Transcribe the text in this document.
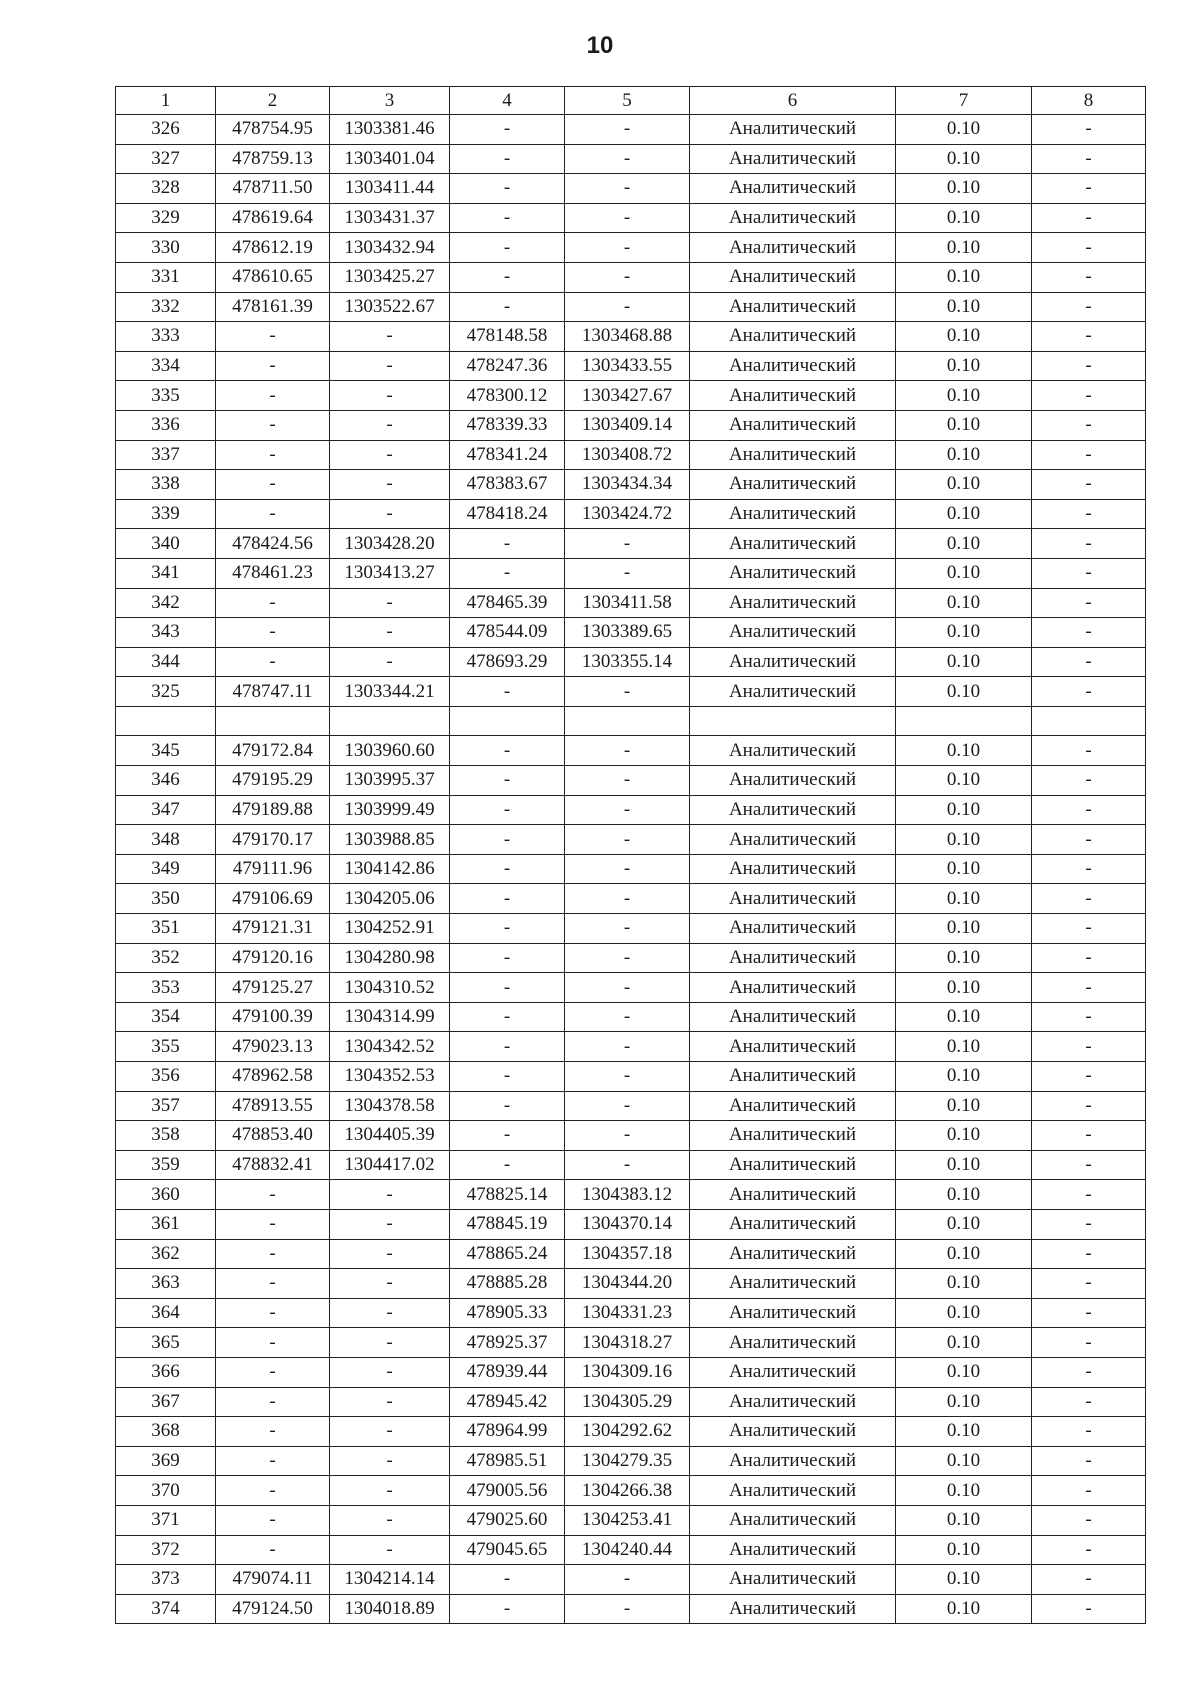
10
1	2	3	4	5	6	7	8
326	478754.95	1303381.46	-	-	Аналитический	0.10	-
327	478759.13	1303401.04	-	-	Аналитический	0.10	-
328	478711.50	1303411.44	-	-	Аналитический	0.10	-
329	478619.64	1303431.37	-	-	Аналитический	0.10	-
330	478612.19	1303432.94	-	-	Аналитический	0.10	-
331	478610.65	1303425.27	-	-	Аналитический	0.10	-
332	478161.39	1303522.67	-	-	Аналитический	0.10	-
333	-	-	478148.58	1303468.88	Аналитический	0.10	-
334	-	-	478247.36	1303433.55	Аналитический	0.10	-
335	-	-	478300.12	1303427.67	Аналитический	0.10	-
336	-	-	478339.33	1303409.14	Аналитический	0.10	-
337	-	-	478341.24	1303408.72	Аналитический	0.10	-
338	-	-	478383.67	1303434.34	Аналитический	0.10	-
339	-	-	478418.24	1303424.72	Аналитический	0.10	-
340	478424.56	1303428.20	-	-	Аналитический	0.10	-
341	478461.23	1303413.27	-	-	Аналитический	0.10	-
342	-	-	478465.39	1303411.58	Аналитический	0.10	-
343	-	-	478544.09	1303389.65	Аналитический	0.10	-
344	-	-	478693.29	1303355.14	Аналитический	0.10	-
325	478747.11	1303344.21	-	-	Аналитический	0.10	-

345	479172.84	1303960.60	-	-	Аналитический	0.10	-
346	479195.29	1303995.37	-	-	Аналитический	0.10	-
347	479189.88	1303999.49	-	-	Аналитический	0.10	-
348	479170.17	1303988.85	-	-	Аналитический	0.10	-
349	479111.96	1304142.86	-	-	Аналитический	0.10	-
350	479106.69	1304205.06	-	-	Аналитический	0.10	-
351	479121.31	1304252.91	-	-	Аналитический	0.10	-
352	479120.16	1304280.98	-	-	Аналитический	0.10	-
353	479125.27	1304310.52	-	-	Аналитический	0.10	-
354	479100.39	1304314.99	-	-	Аналитический	0.10	-
355	479023.13	1304342.52	-	-	Аналитический	0.10	-
356	478962.58	1304352.53	-	-	Аналитический	0.10	-
357	478913.55	1304378.58	-	-	Аналитический	0.10	-
358	478853.40	1304405.39	-	-	Аналитический	0.10	-
359	478832.41	1304417.02	-	-	Аналитический	0.10	-
360	-	-	478825.14	1304383.12	Аналитический	0.10	-
361	-	-	478845.19	1304370.14	Аналитический	0.10	-
362	-	-	478865.24	1304357.18	Аналитический	0.10	-
363	-	-	478885.28	1304344.20	Аналитический	0.10	-
364	-	-	478905.33	1304331.23	Аналитический	0.10	-
365	-	-	478925.37	1304318.27	Аналитический	0.10	-
366	-	-	478939.44	1304309.16	Аналитический	0.10	-
367	-	-	478945.42	1304305.29	Аналитический	0.10	-
368	-	-	478964.99	1304292.62	Аналитический	0.10	-
369	-	-	478985.51	1304279.35	Аналитический	0.10	-
370	-	-	479005.56	1304266.38	Аналитический	0.10	-
371	-	-	479025.60	1304253.41	Аналитический	0.10	-
372	-	-	479045.65	1304240.44	Аналитический	0.10	-
373	479074.11	1304214.14	-	-	Аналитический	0.10	-
374	479124.50	1304018.89	-	-	Аналитический	0.10	-
